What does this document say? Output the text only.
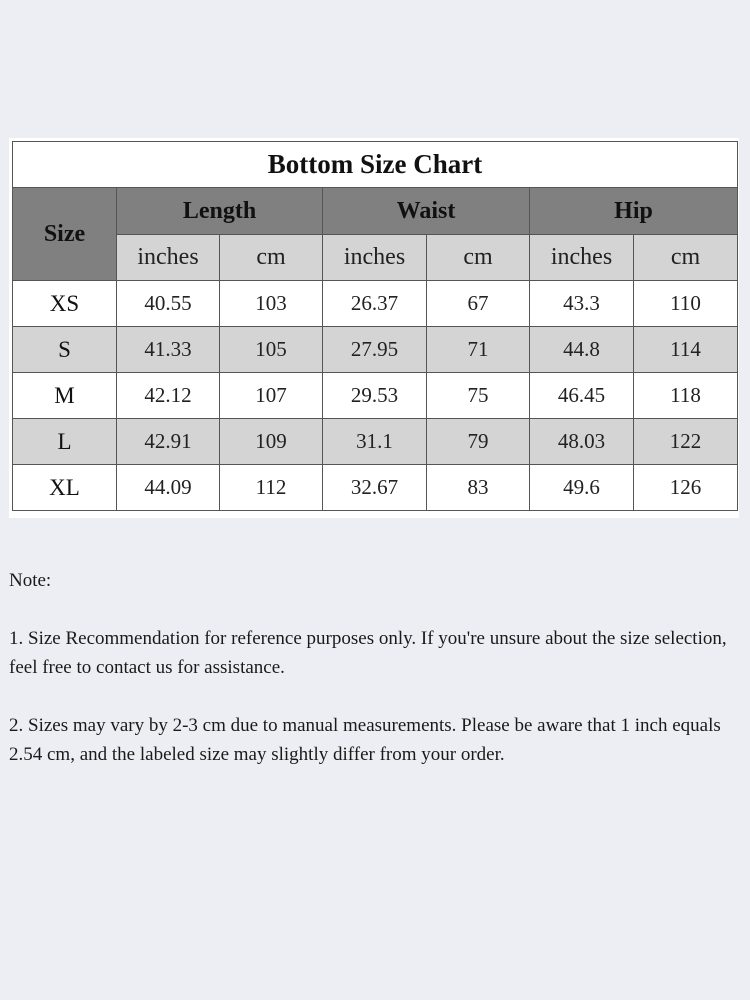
Bottom Size Chart						
Size	Length		Waist		Hip	
	inches	cm	inches	cm	inches	cm
XS	40.55	103	26.37	67	43.3	110
S	41.33	105	27.95	71	44.8	114
M	42.12	107	29.53	75	46.45	118
L	42.91	109	31.1	79	48.03	122
XL	44.09	112	32.67	83	49.6	126

Note:

1. Size Recommendation for reference purposes only. If you're unsure about the size selection, feel free to contact us for assistance.

2. Sizes may vary by 2-3 cm due to manual measurements. Please be aware that 1 inch equals 2.54 cm, and the labeled size may slightly differ from your order.
